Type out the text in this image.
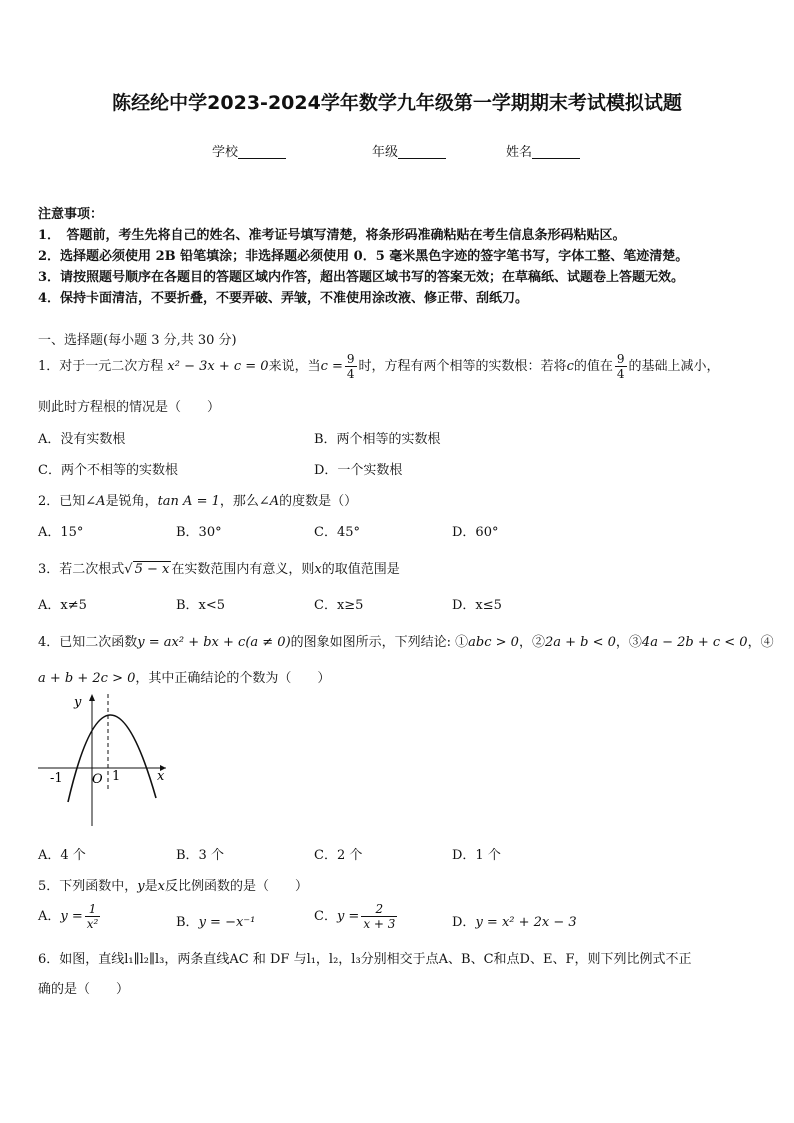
陈经纶中学2023-2024学年数学九年级第一学期期末考试模拟试题
学校	年级	姓名
注意事项：
1．　答题前，考生先将自己的姓名、准考证号填写清楚，将条形码准确粘贴在考生信息条形码粘贴区。
2．选择题必须使用 2B 铅笔填涂；非选择题必须使用 0．5 毫米黑色字迹的签字笔书写，字体工整、笔迹清楚。
3．请按照题号顺序在各题目的答题区域内作答，超出答题区域书写的答案无效；在草稿纸、试题卷上答题无效。
4．保持卡面清洁，不要折叠，不要弄破、弄皱，不准使用涂改液、修正带、刮纸刀。
一、选择题(每小题 3 分,共 30 分)
1．对于一元二次方程 x² − 3x + c = 0来说，当$c = \frac{9}{4}$ 时，方程有两个相等的实数根：若将c的值在 $\frac{9}{4}$ 的基础上减小，
则此时方程根的情况是（　　）
A．没有实数根	B．两个相等的实数根
C．两个不相等的实数根	D．一个实数根
2．已知∠A是锐角，tan A = 1，那么∠A的度数是（）
A．15°	B．30°	C．45°	D．60°
3．若二次根式√ 5 − x 在实数范围内有意义，则x的取值范围是
A．x≠5	B．x<5	C．x≥5	D．x≤5
4．已知二次函数y = ax² + bx + c(a ≠ 0)的图象如图所示，下列结论: ①abc > 0，②2a + b < 0，③4a − 2b + c < 0，④
a + b + 2c > 0，其中正确结论的个数为（　　）
y
x
O
-1	1
A．4 个	B．3 个	C．2 个	D．1 个
5．下列函数中，y是x反比例函数的是（　　）
A．$y = \frac{1}{\text{x²}}$	B．y = −x⁻¹	C．$y = \frac{2}{x + 3}$	D．y = x² + 2x − 3
6．如图，直线l₁∥l₂∥l₃，两条直线AC 和 DF 与l₁，l₂，l₃分别相交于点A、B、C和点D、E、F，则下列比例式不正
确的是（　　）
